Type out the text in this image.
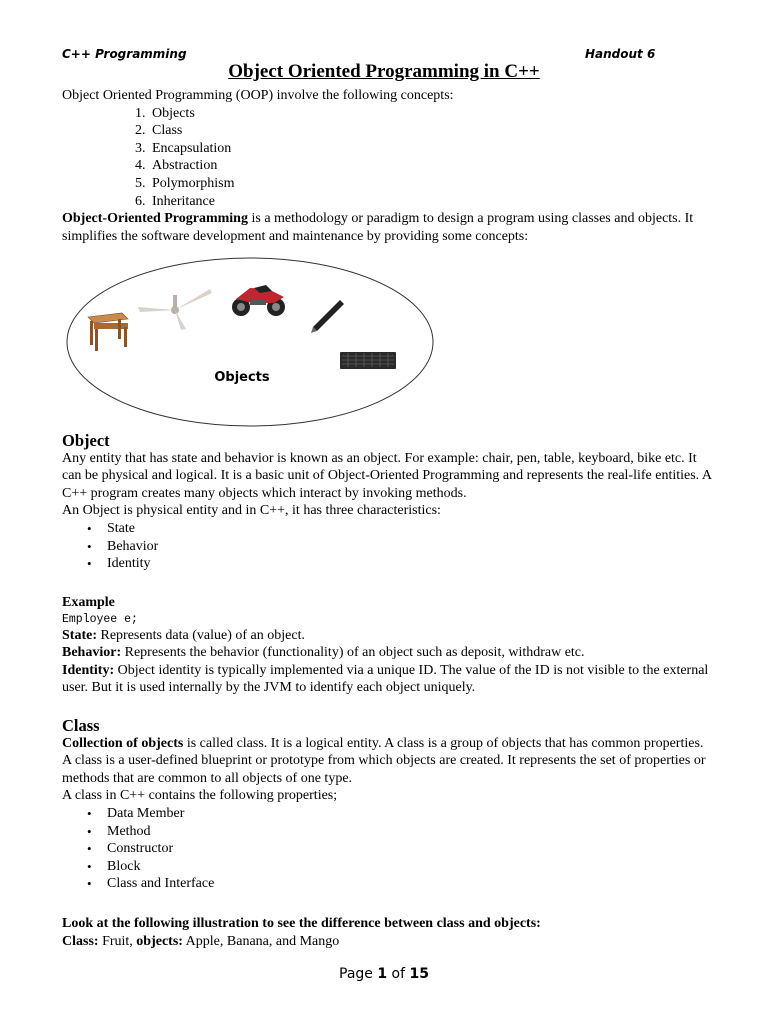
C++ Programming	Handout 6
Object Oriented Programming in C++

Object Oriented Programming (OOP) involve the following concepts:

Objects
Class
Encapsulation
Abstraction
Polymorphism
Inheritance

Object-Oriented Programming is a methodology or paradigm to design a program using classes and objects. It simplifies the software development and maintenance by providing some concepts:

Objects
Object

Any entity that has state and behavior is known as an object. For example: chair, pen, table, keyboard, bike etc. It can be physical and logical. It is a basic unit of Object-Oriented Programming and represents the real-life entities. A C++ program creates many objects which interact by invoking methods.

An Object is physical entity and in C++, it has three characteristics:

• State
• Behavior
• Identity

Example

Employee e;

State: Represents data (value) of an object.

Behavior: Represents the behavior (functionality) of an object such as deposit, withdraw etc.

Identity: Object identity is typically implemented via a unique ID. The value of the ID is not visible to the external user. But it is used internally by the JVM to identify each object uniquely.

Class

Collection of objects is called class. It is a logical entity. A class is a group of objects that has common properties. A class is a user-defined blueprint or prototype from which objects are created. It represents the set of properties or methods that are common to all objects of one type.

A class in C++ contains the following properties;

• Data Member
• Method
• Constructor
• Block
• Class and Interface

Look at the following illustration to see the difference between class and objects:

Class: Fruit, objects: Apple, Banana, and Mango

Page 1 of 15
